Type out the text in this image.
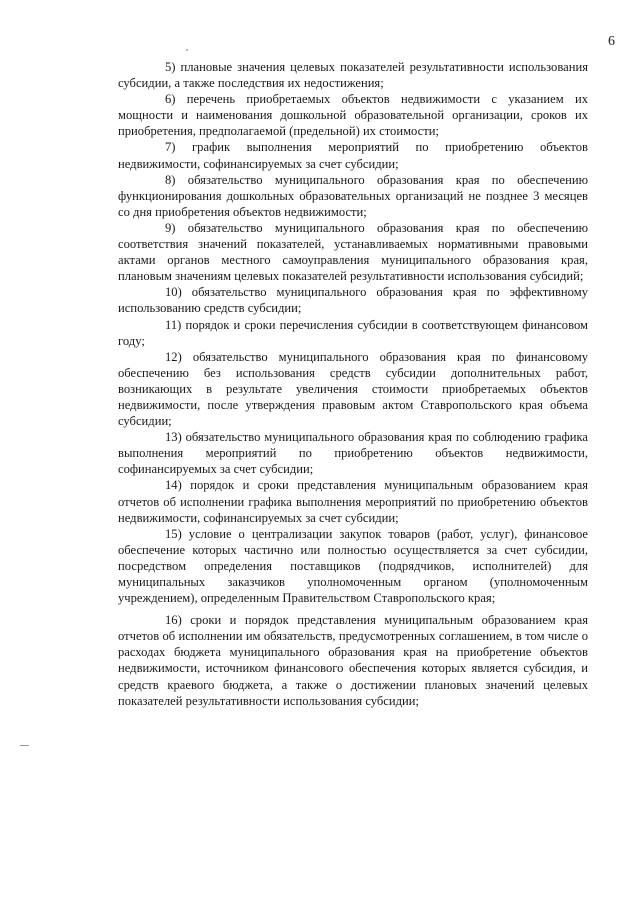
6

5) плановые значения целевых показателей результативности использования субсидии, а также последствия их недостижения;

6) перечень приобретаемых объектов недвижимости с указанием их мощности и наименования дошкольной образовательной организации, сроков их приобретения, предполагаемой (предельной) их стоимости;

7) график выполнения мероприятий по приобретению объектов недвижимости, софинансируемых за счет субсидии;

8) обязательство муниципального образования края по обеспечению функционирования дошкольных образовательных организаций не позднее 3 месяцев со дня приобретения объектов недвижимости;

9) обязательство муниципального образования края по обеспечению соответствия значений показателей, устанавливаемых нормативными правовыми актами органов местного самоуправления муниципального образования края, плановым значениям целевых показателей результативности использования субсидий;

10) обязательство муниципального образования края по эффективному использованию средств субсидии;

11) порядок и сроки перечисления субсидии в соответствующем финансовом году;

12) обязательство муниципального образования края по финансовому обеспечению без использования средств субсидии дополнительных работ, возникающих в результате увеличения стоимости приобретаемых объектов недвижимости, после утверждения правовым актом Ставропольского края объема субсидии;

13) обязательство муниципального образования края по соблюдению графика выполнения мероприятий по приобретению объектов недвижимости, софинансируемых за счет субсидии;

14) порядок и сроки представления муниципальным образованием края отчетов об исполнении графика выполнения мероприятий по приобретению объектов недвижимости, софинансируемых за счет субсидии;

15) условие о централизации закупок товаров (работ, услуг), финансовое обеспечение которых частично или полностью осуществляется за счет субсидии, посредством определения поставщиков (подрядчиков, исполнителей) для муниципальных заказчиков уполномоченным органом (уполномоченным учреждением), определенным Правительством Ставропольского края;

16) сроки и порядок представления муниципальным образованием края отчетов об исполнении им обязательств, предусмотренных соглашением, в том числе о расходах бюджета муниципального образования края на приобретение объектов недвижимости, источником финансового обеспечения которых является субсидия, и средств краевого бюджета, а также о достижении плановых значений целевых показателей результативности использования субсидии;
